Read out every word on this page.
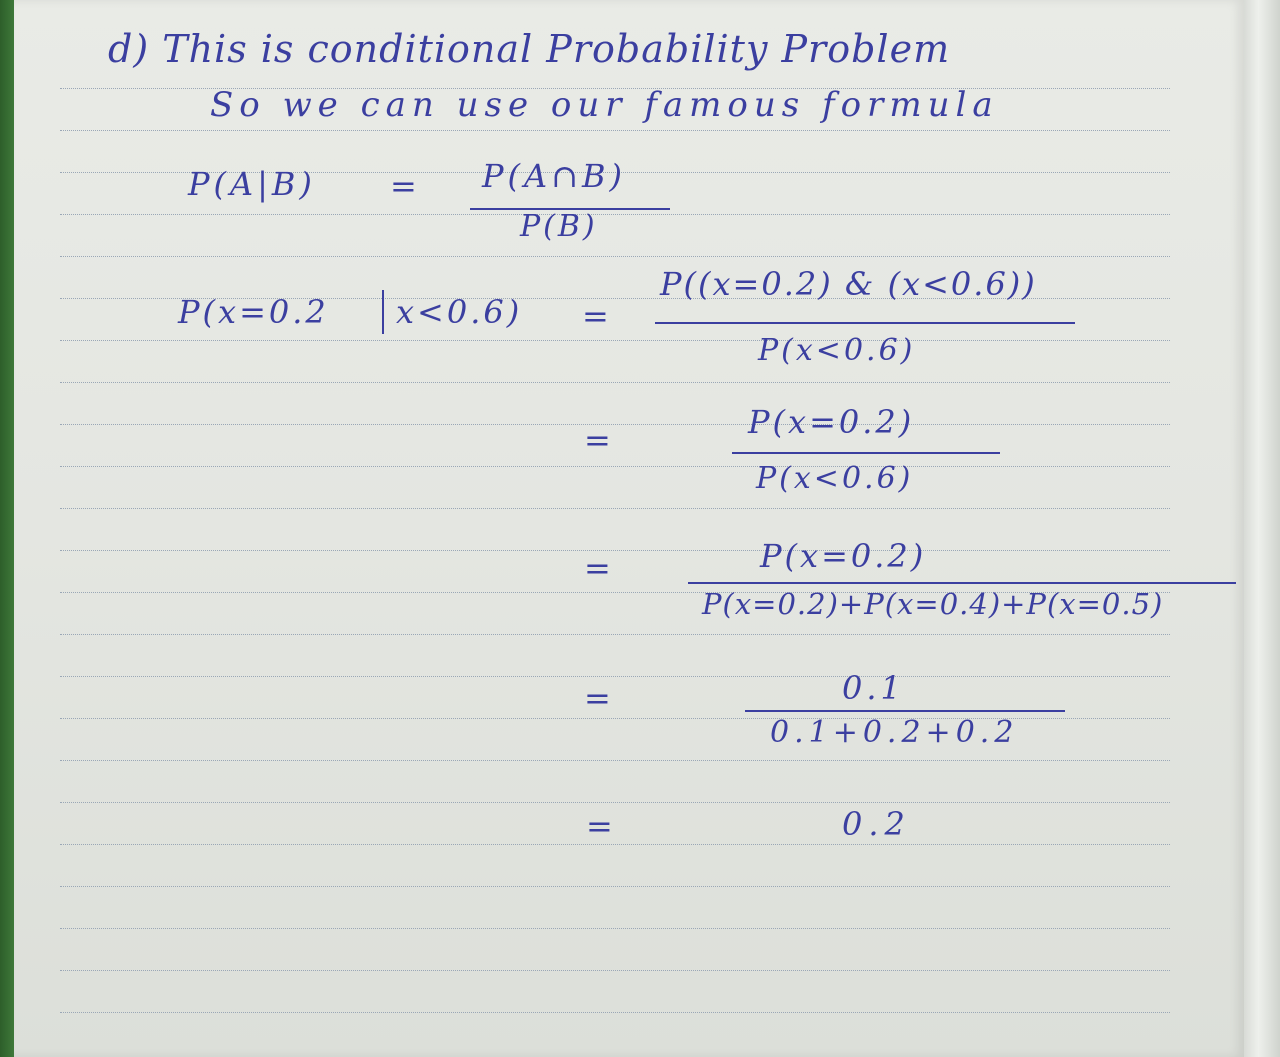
d) This is conditional Probability Problem
So we can use our famous formula
P(A|B) = P(A∩B)
P(B)
P(x=0.2 x<0.6) =
P((x=0.2) & (x<0.6))
P(x<0.6)
=	P(x=0.2)
P(x<0.6)
=	P(x=0.2)
P(x=0.2)+P(x=0.4)+P(x=0.5)
=	0.1
0.1+0.2+0.2
=	0.2
